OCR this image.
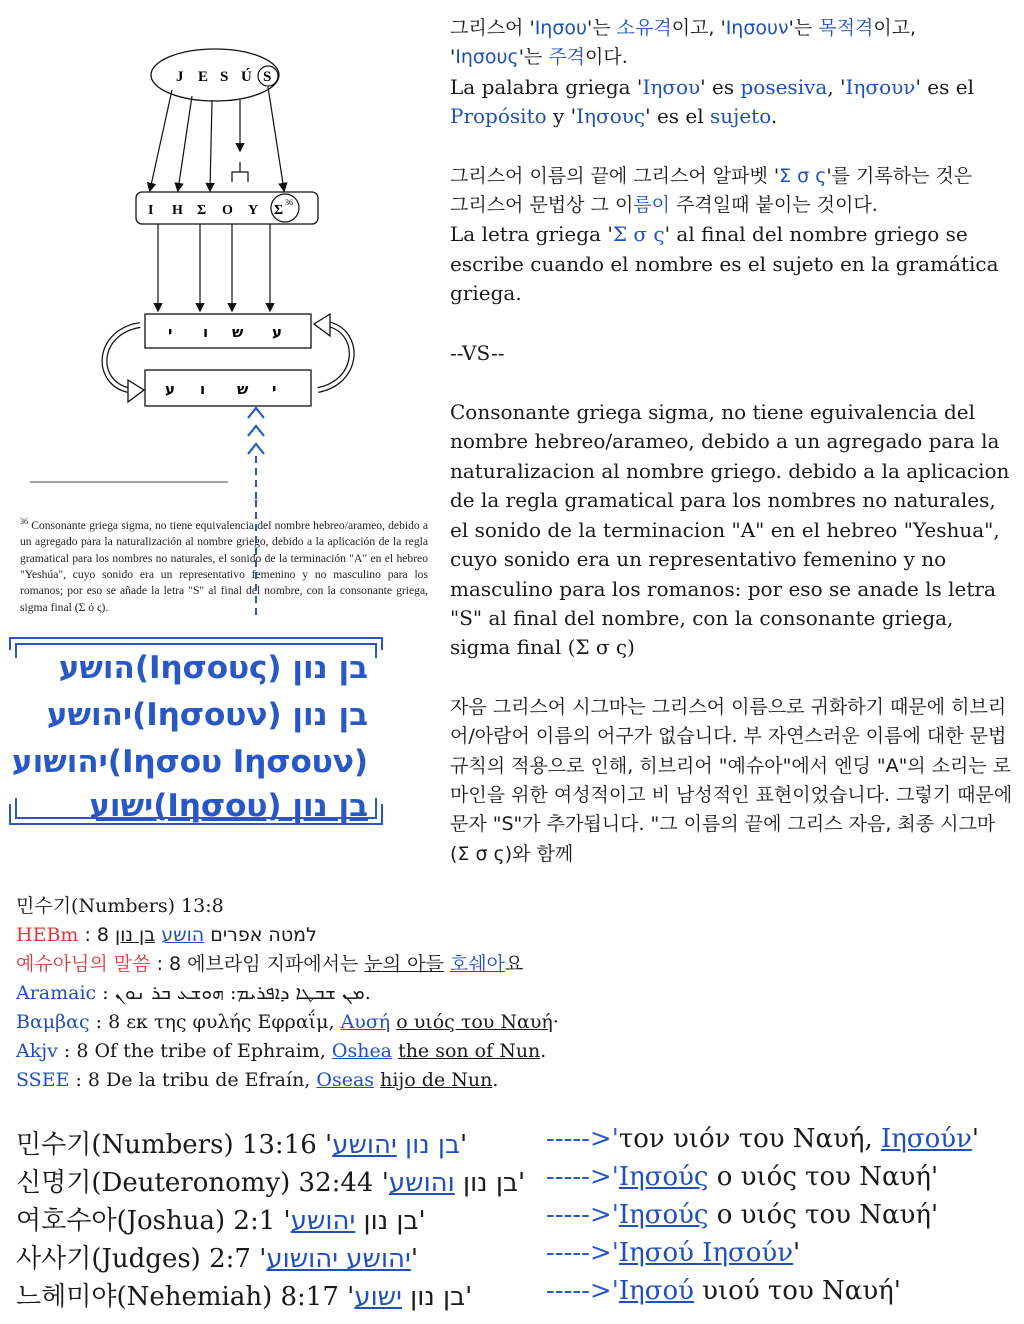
J E S Ú S
I H Σ O Y Σ
36
י ו ש ע
ע ו ש י
$^{36}$ Consonante griega sigma, no tiene equivalencia del nombre hebreo/arameo, debido a un agregado para la naturalización al nombre griego, debido a la aplicación de la regla gramatical para los nombres no naturales, el sonido de la terminación "A" en el hebreo "Yeshúa", cuyo sonido era un representativo femenino y no masculino para los romanos; por eso se añade la letra "S" al final del nombre, con la consonante griega, sigma final (Σ ό ς).
הושע(Ιησους) בן נון
יהושע(Ιησουν) בן נון
יהושוע(Ιησου Ιησουν)
ישוע(Ιησου) בן נון
그리스어 'Ιησου'는 소유격이고, 'Ιησουν'는 목적격이고,
'Ιησους'는 주격이다.
La palabra griega 'Ιησου' es posesiva, 'Ιησουν' es el
Propósito y 'Ιησους' es el sujeto.
그리스어 이름의 끝에 그리스어 알파벳 'Σ σ ς'를 기록하는 것은
그리스어 문법상 그 이름이 주격일때 붙이는 것이다.
La letra griega 'Σ σ ς' al final del nombre griego se escribe cuando el nombre es el sujeto en la gramática griega.
--VS--
Consonante griega sigma, no tiene eguivalencia del nombre hebreo/arameo, debido a un agregado para la naturalizacion al nombre griego. debido a la aplicacion de la regla gramatical para los nombres no naturales, el sonido de la terminacion "A" en el hebreo "Yeshua", cuyo sonido era un representativo femenino y no masculino para los romanos: por eso se anade ls letra "S" al final del nombre, con la consonante griega, sigma final (Σ σ ς)
자음 그리스어 시그마는 그리스어 이름으로 귀화하기 때문에 히브리어/아람어 이름의 어구가 없습니다. 부 자연스러운 이름에 대한 문법 규칙의 적용으로 인해, 히브리어 "예슈아"에서 엔딩 "A"의 소리는 로마인을 위한 여성적이고 비 남성적인 표현이었습니다. 그렇기 때문에 문자 "S"가 추가됩니다. "그 이름의 끝에 그리스 자음, 최종 시그마 (Σ σ ς)와 함께
민수기(Numbers) 13:8
HEBm : 8 למטה אפרים הושע בן נון
예슈아님의 말씀 : 8 에브라임 지파에서는 눈의 아들 호쉐아요
Aramaic : ܡܢ ܫܒܛܐ ܕܐܦܪܝܡ: ܗܘܫܥ ܒܪ ܢܘܢ.
Βαμβας : 8 εκ της φυλής Εφραΐμ, Αυσή ο υιός του Ναυή·
Akjv : 8 Of the tribe of Ephraim, Oshea the son of Nun.
SSEE : 8 De la tribu de Efraín, Oseas hijo de Nun.
민수기(Numbers) 13:16 ' בן נון יהושע '	----->'τον υιόν του Ναυή, Ιησούν'
신명기(Deuteronomy) 32:44 '	בן נון והושע ' ----->'Ιησούς ο υιός του Ναυή'
여호수아(Joshua) 2:1 ' בן נון יהושע '	----->'Ιησούς ο υιός του Ναυή'
사사기(Judges) 2:7 'יהושע יהושוע'	----->'Ιησού Ιησούν'
느헤미야(Nehemiah) 8:17 ' בן נון ישוע '	----->'Ιησού υιού του Ναυή'
